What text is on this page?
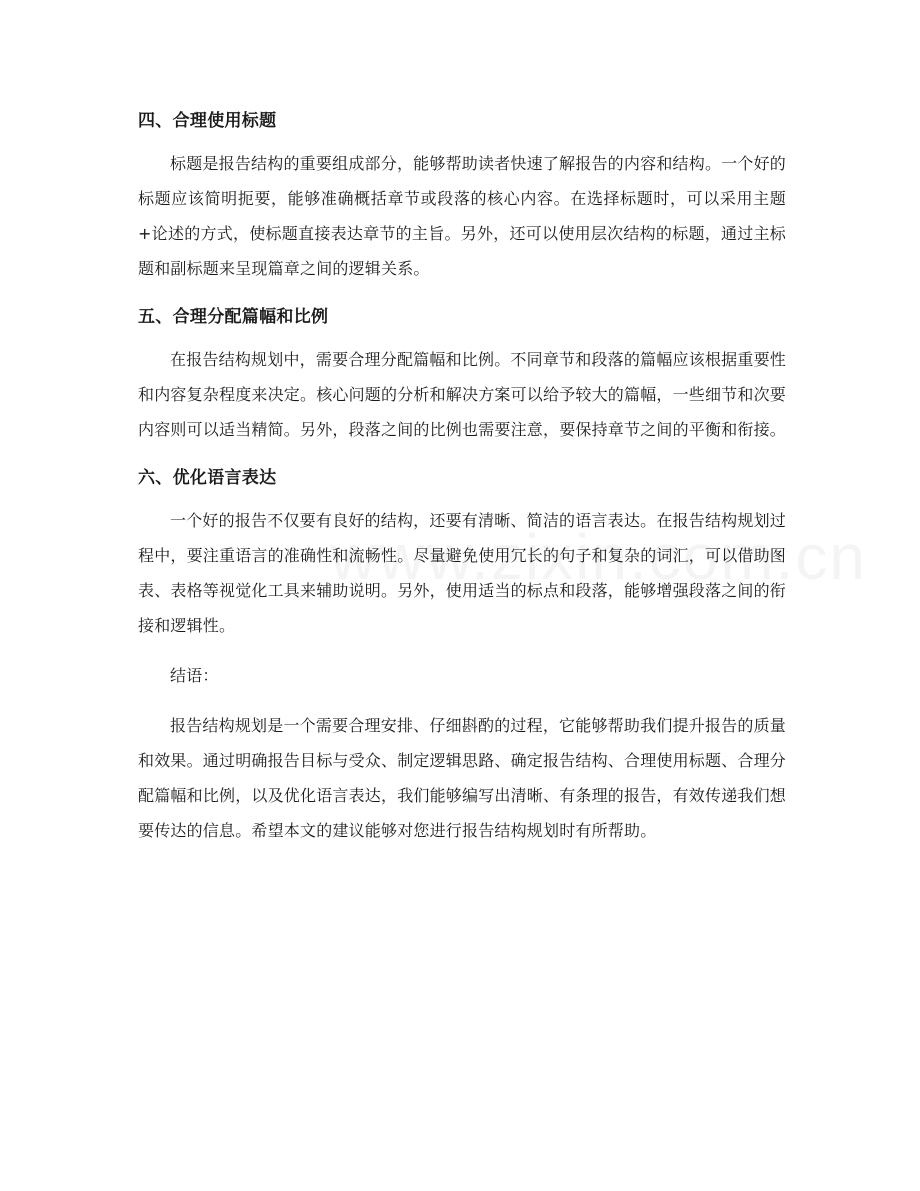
四、合理使用标题

标题是报告结构的重要组成部分，能够帮助读者快速了解报告的内容和结构。一个好的标题应该简明扼要，能够准确概括章节或段落的核心内容。在选择标题时，可以采用主题+论述的方式，使标题直接表达章节的主旨。另外，还可以使用层次结构的标题，通过主标题和副标题来呈现篇章之间的逻辑关系。

五、合理分配篇幅和比例

在报告结构规划中，需要合理分配篇幅和比例。不同章节和段落的篇幅应该根据重要性和内容复杂程度来决定。核心问题的分析和解决方案可以给予较大的篇幅，一些细节和次要内容则可以适当精简。另外，段落之间的比例也需要注意，要保持章节之间的平衡和衔接。

六、优化语言表达

一个好的报告不仅要有良好的结构，还要有清晰、简洁的语言表达。在报告结构规划过程中，要注重语言的准确性和流畅性。尽量避免使用冗长的句子和复杂的词汇，可以借助图表、表格等视觉化工具来辅助说明。另外，使用适当的标点和段落，能够增强段落之间的衔接和逻辑性。

结语：

报告结构规划是一个需要合理安排、仔细斟酌的过程，它能够帮助我们提升报告的质量和效果。通过明确报告目标与受众、制定逻辑思路、确定报告结构、合理使用标题、合理分配篇幅和比例，以及优化语言表达，我们能够编写出清晰、有条理的报告，有效传递我们想要传达的信息。希望本文的建议能够对您进行报告结构规划时有所帮助。
